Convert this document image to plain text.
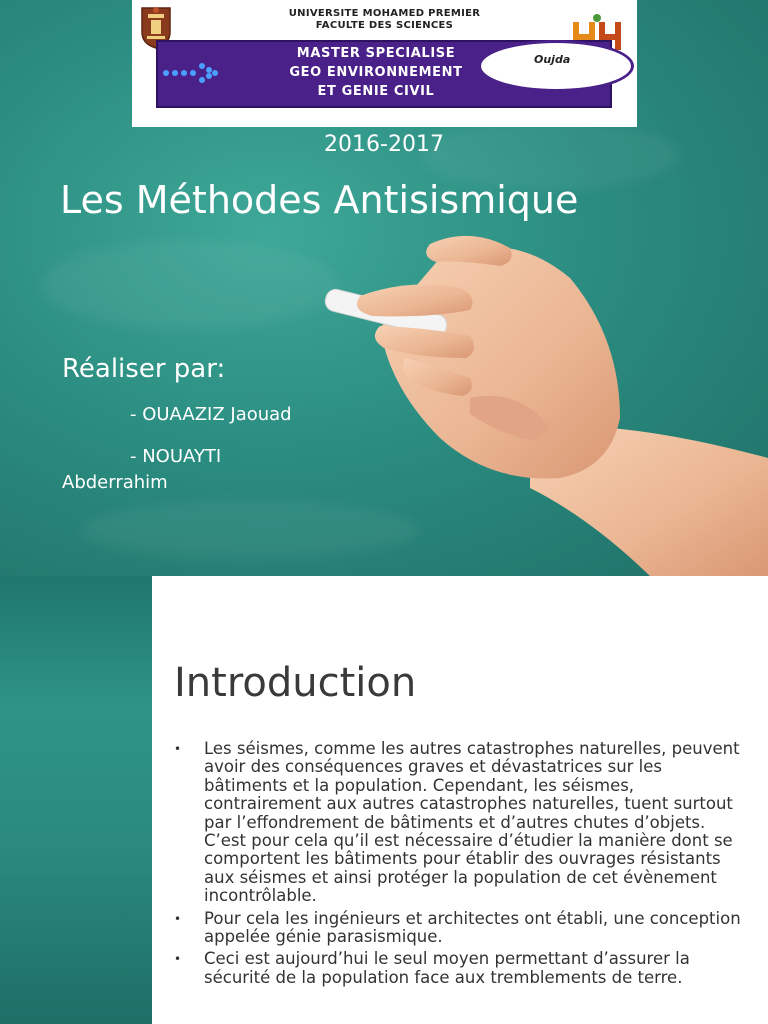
UNIVERSITE MOHAMED PREMIER
FACULTE DES SCIENCES
MASTER SPECIALISE
GEO ENVIRONNEMENT
ET GENIE CIVIL
Oujda
2016-2017
Les Méthodes Antisismique
Réaliser par:
- OUAAZIZ Jaouad
- NOUAYTI
Abderrahim
Introduction
• Les séismes, comme les autres catastrophes naturelles, peuvent avoir des conséquences graves et dévastatrices sur les bâtiments et la population. Cependant, les séismes, contrairement aux autres catastrophes naturelles, tuent surtout par l’effondrement de bâtiments et d’autres chutes d’objets. C’est pour cela qu’il est nécessaire d’étudier la manière dont se comportent les bâtiments pour établir des ouvrages résistants aux séismes et ainsi protéger la population de cet évènement incontrôlable.
• Pour cela les ingénieurs et architectes ont établi, une conception appelée génie parasismique.
• Ceci est aujourd’hui le seul moyen permettant d’assurer la sécurité de la population face aux tremblements de terre.
